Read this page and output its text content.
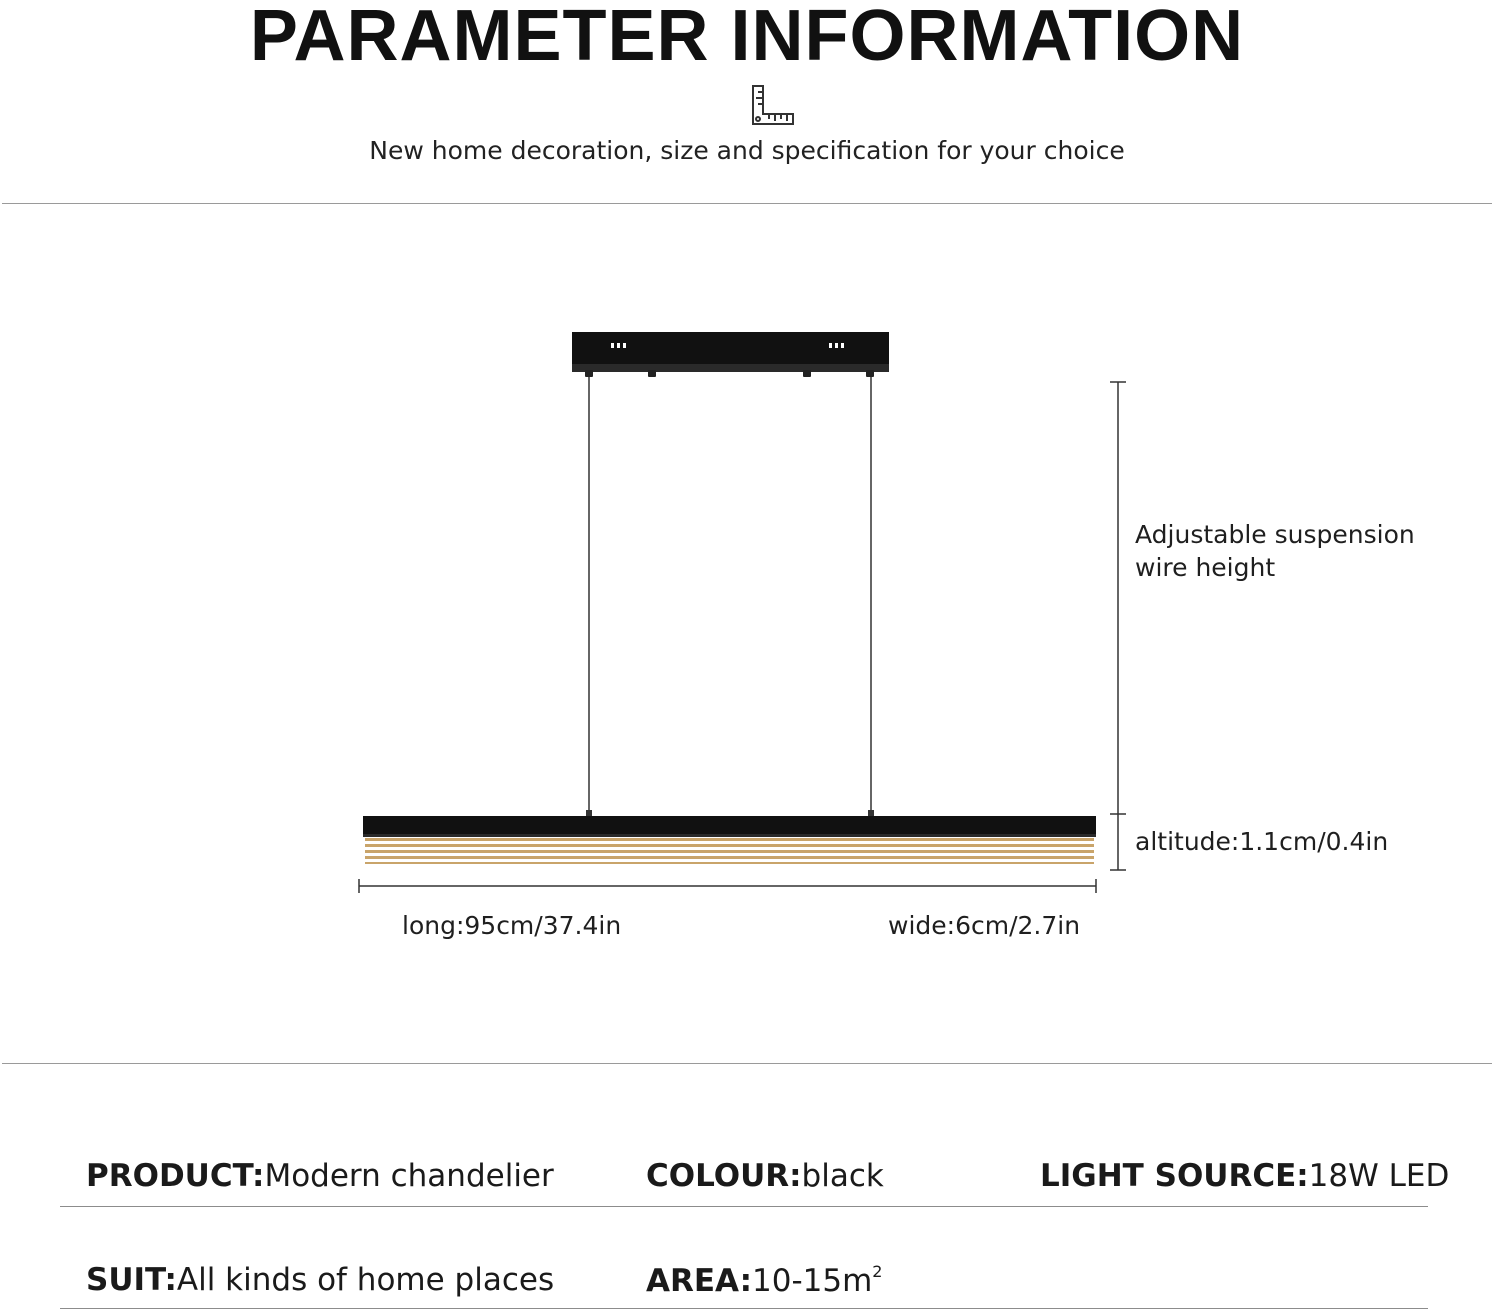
PARAMETER INFORMATION
New home decoration, size and specification for your choice
Adjustable suspension
wire height
altitude:1.1cm/0.4in
long:95cm/37.4in	wide:6cm/2.7in
PRODUCT:Modern chandelier	COLOUR:black	LIGHT SOURCE:18W LED
SUIT:All kinds of home places	$AREA:10-15m^2$
